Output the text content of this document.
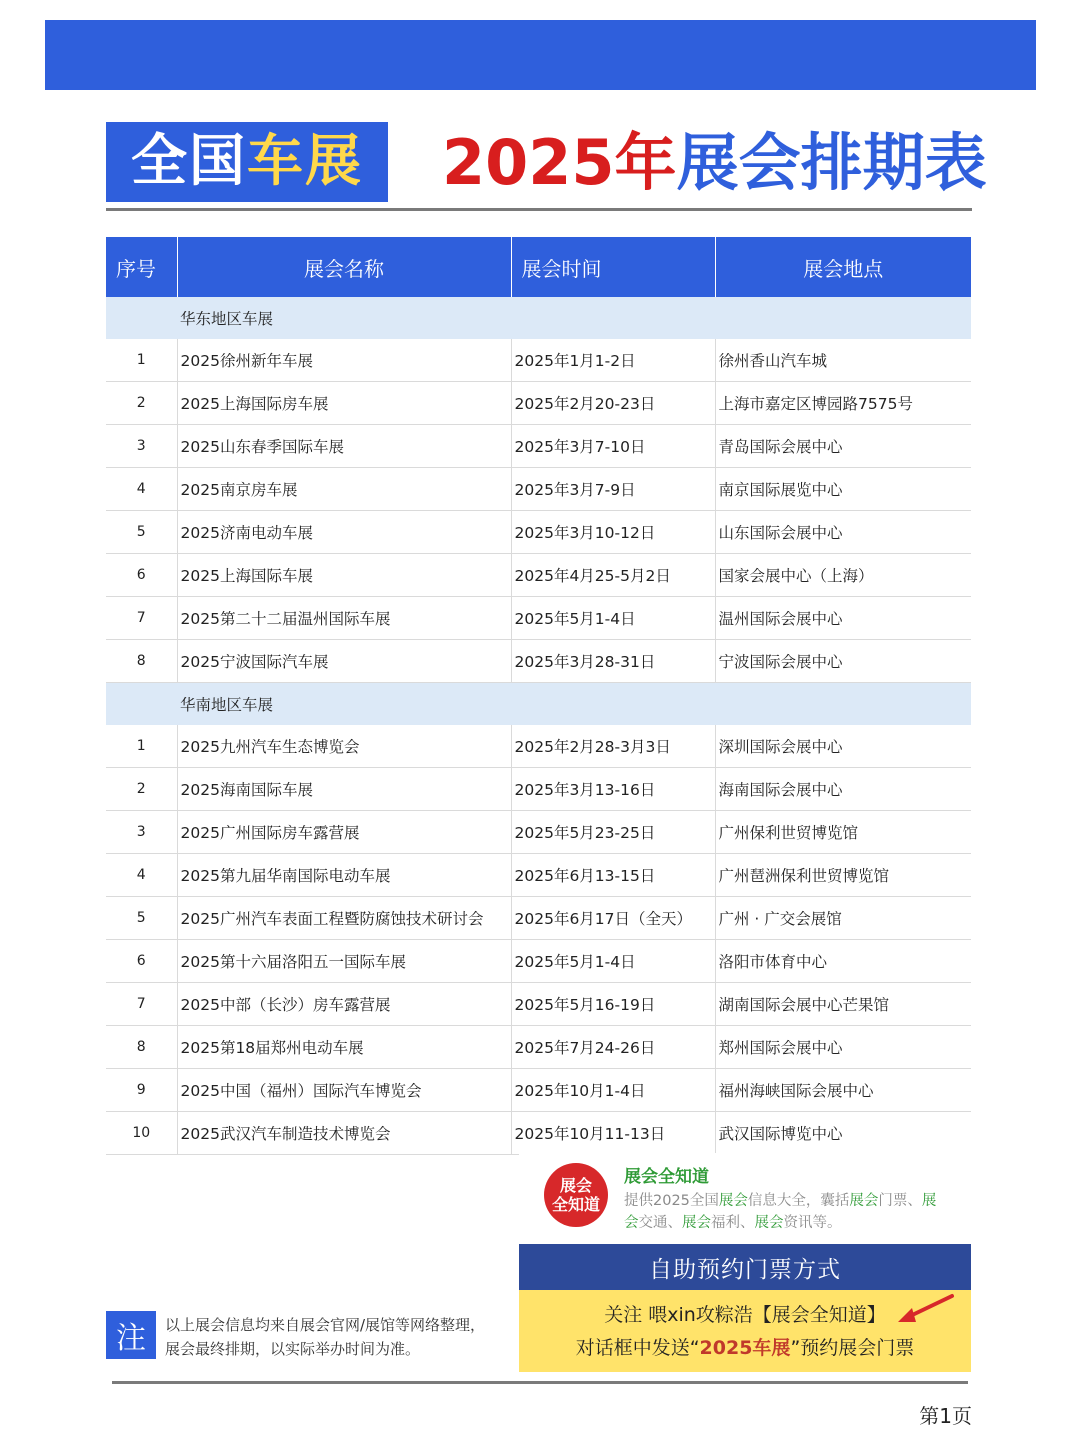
全国 车展 2025年展会排期表
序号	展会名称	展会时间	展会地点
	华东地区车展		
1	2025徐州新年车展	2025年1月1-2日	徐州香山汽车城
2	2025上海国际房车展	2025年2月20-23日	上海市嘉定区博园路7575号
3	2025山东春季国际车展	2025年3月7-10日	青岛国际会展中心
4	2025南京房车展	2025年3月7-9日	南京国际展览中心
5	2025济南电动车展	2025年3月10-12日	山东国际会展中心
6	2025上海国际车展	2025年4月25-5月2日	国家会展中心（上海）
7	2025第二十二届温州国际车展	2025年5月1-4日	温州国际会展中心
8	2025宁波国际汽车展	2025年3月28-31日	宁波国际会展中心
	华南地区车展		
1	2025九州汽车生态博览会	2025年2月28-3月3日	深圳国际会展中心
2	2025海南国际车展	2025年3月13-16日	海南国际会展中心
3	2025广州国际房车露营展	2025年5月23-25日	广州保利世贸博览馆
4	2025第九届华南国际电动车展	2025年6月13-15日	广州琶洲保利世贸博览馆
5	2025广州汽车表面工程暨防腐蚀技术研讨会	2025年6月17日（全天）	广州 · 广交会展馆
6	2025第十六届洛阳五一国际车展	2025年5月1-4日	洛阳市体育中心
7	2025中部（长沙）房车露营展	2025年5月16-19日	湖南国际会展中心芒果馆
8	2025第18届郑州电动车展	2025年7月24-26日	郑州国际会展中心
9	2025中国（福州）国际汽车博览会	2025年10月1-4日	福州海峡国际会展中心
10	2025武汉汽车制造技术博览会	2025年10月11-13日	武汉国际博览中心
展会
全知道
展会全知道
提供2025全国展会信息大全，囊括展会门票、展会交通、展会福利、展会资讯等。
自助预约门票方式
关注 喂xin攻粽浩【展会全知道】
对话框中发送“2025车展”预约展会门票
注	以上展会信息均来自展会官网/展馆等网络整理，
展会最终排期，以实际举办时间为准。
第1页
